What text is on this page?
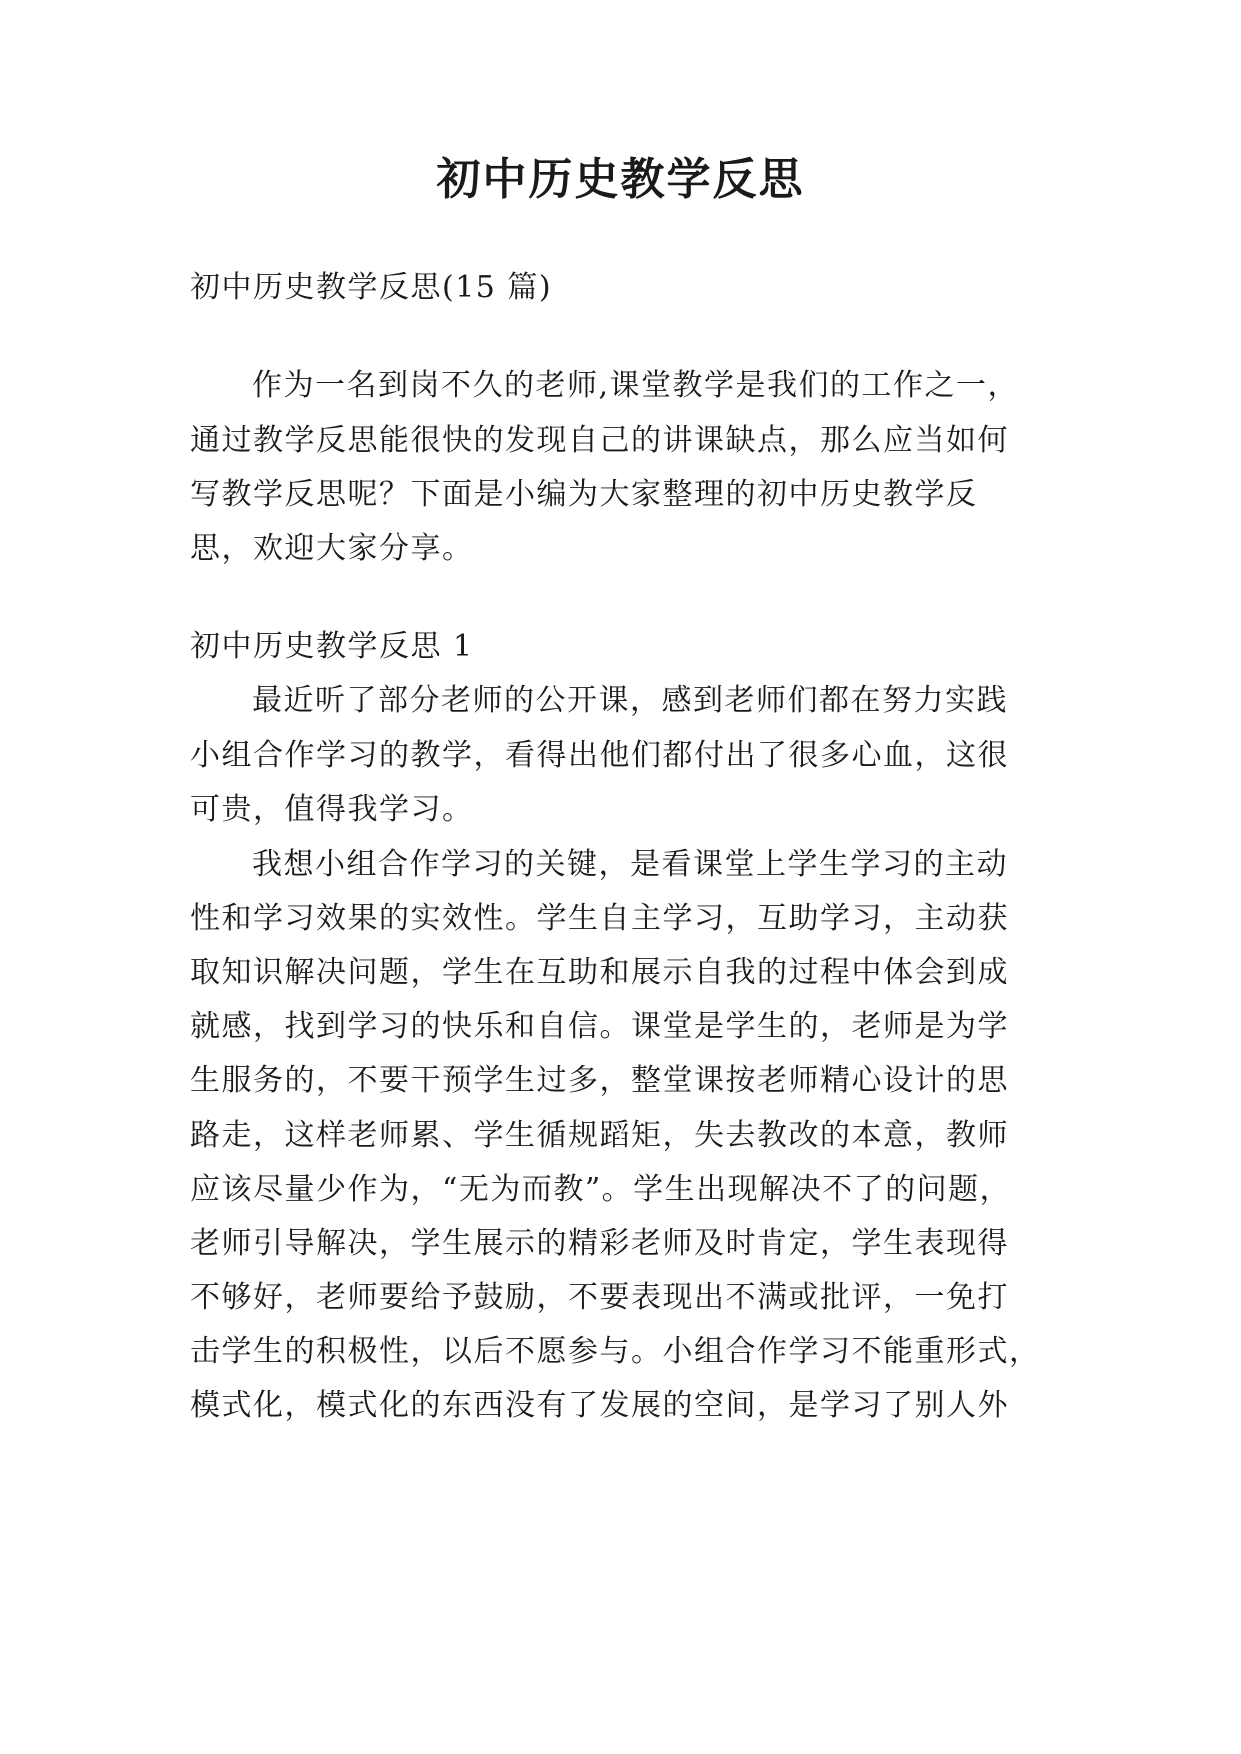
初中历史教学反思
初中历史教学反思(15 篇)
作为一名到岗不久的老师,课堂教学是我们的工作之一，
通过教学反思能很快的发现自己的讲课缺点，那么应当如何
写教学反思呢？下面是小编为大家整理的初中历史教学反
思，欢迎大家分享。
初中历史教学反思 1
最近听了部分老师的公开课，感到老师们都在努力实践
小组合作学习的教学，看得出他们都付出了很多心血，这很
可贵，值得我学习。
我想小组合作学习的关键，是看课堂上学生学习的主动
性和学习效果的实效性。学生自主学习，互助学习，主动获
取知识解决问题，学生在互助和展示自我的过程中体会到成
就感，找到学习的快乐和自信。课堂是学生的，老师是为学
生服务的，不要干预学生过多，整堂课按老师精心设计的思
路走，这样老师累、学生循规蹈矩，失去教改的本意，教师
应该尽量少作为，“无为而教”。学生出现解决不了的问题，
老师引导解决，学生展示的精彩老师及时肯定，学生表现得
不够好，老师要给予鼓励，不要表现出不满或批评，一免打
击学生的积极性，以后不愿参与。小组合作学习不能重形式，
模式化，模式化的东西没有了发展的空间，是学习了别人外
